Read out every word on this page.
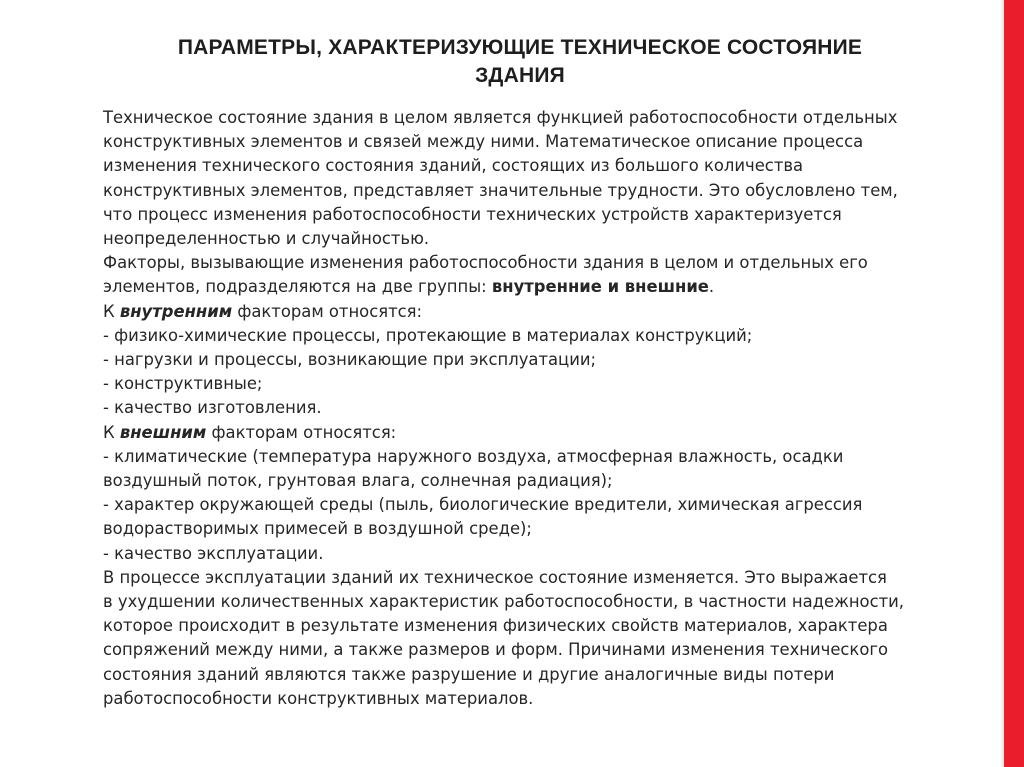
ПАРАМЕТРЫ, ХАРАКТЕРИЗУЮЩИЕ ТЕХНИЧЕСКОЕ СОСТОЯНИЕ
ЗДАНИЯ
Техническое состояние здания в целом является функцией работоспособности отдельных
конструктивных элементов и связей между ними. Математическое описание процесса
изменения технического состояния зданий, состоящих из большого количества
конструктивных элементов, представляет значительные трудности. Это обусловлено тем,
что процесс изменения работоспособности технических устройств характеризуется
неопределенностью и случайностью.
Факторы, вызывающие изменения работоспособности здания в целом и отдельных его
элементов, подразделяются на две группы: внутренние и внешние.
К внутренним факторам относятся:
- физико-химические процессы, протекающие в материалах конструкций;
- нагрузки и процессы, возникающие при эксплуатации;
- конструктивные;
- качество изготовления.
К внешним факторам относятся:
- климатические (температура наружного воздуха, атмосферная влажность, осадки
воздушный поток, грунтовая влага, солнечная радиация);
- характер окружающей среды (пыль, биологические вредители, химическая агрессия
водорастворимых примесей в воздушной среде);
- качество эксплуатации.
В процессе эксплуатации зданий их техническое состояние изменяется. Это выражается
в ухудшении количественных характеристик работоспособности, в частности надежности,
которое происходит в результате изменения физических свойств материалов, характера
сопряжений между ними, а также размеров и форм. Причинами изменения технического
состояния зданий являются также разрушение и другие аналогичные виды потери
работоспособности конструктивных материалов.
